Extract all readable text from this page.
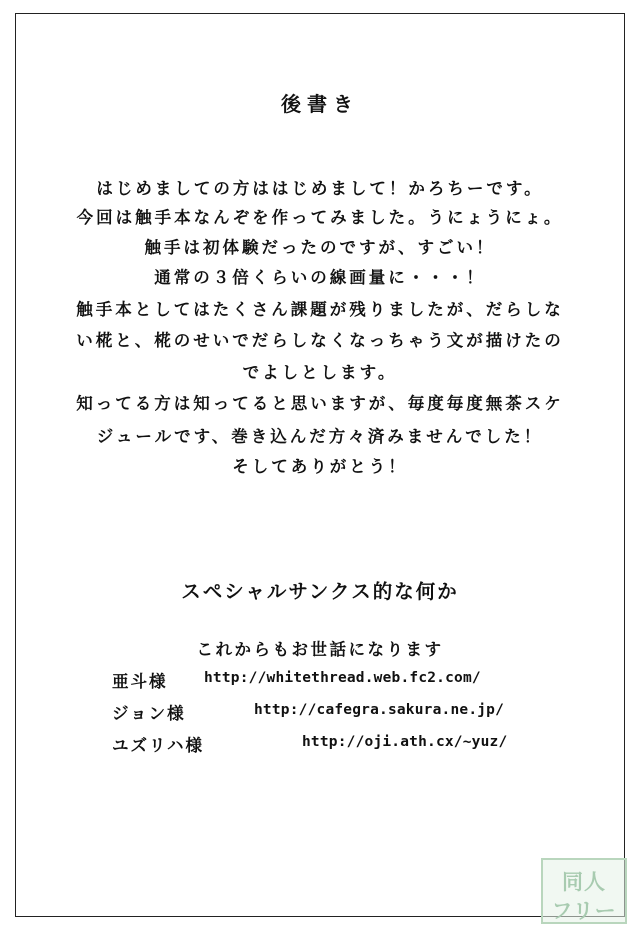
後書き
はじめましての方ははじめまして！かろちーです。
今回は触手本なんぞを作ってみました。うにょうにょ。
触手は初体験だったのですが、すごい！
通常の３倍くらいの線画量に・・・！
触手本としてはたくさん課題が残りましたが、だらしな
い椛と、椛のせいでだらしなくなっちゃう文が描けたの
でよしとします。
知ってる方は知ってると思いますが、毎度毎度無茶スケ
ジュールです、巻き込んだ方々済みませんでした！
そしてありがとう！
スペシャルサンクス的な何か
これからもお世話になります
亜斗様	http://whitethread.web.fc2.com/
ジョン様	http://cafegra.sakura.ne.jp/
ユズリハ様	http://oji.ath.cx/~yuz/
同人
フリー
